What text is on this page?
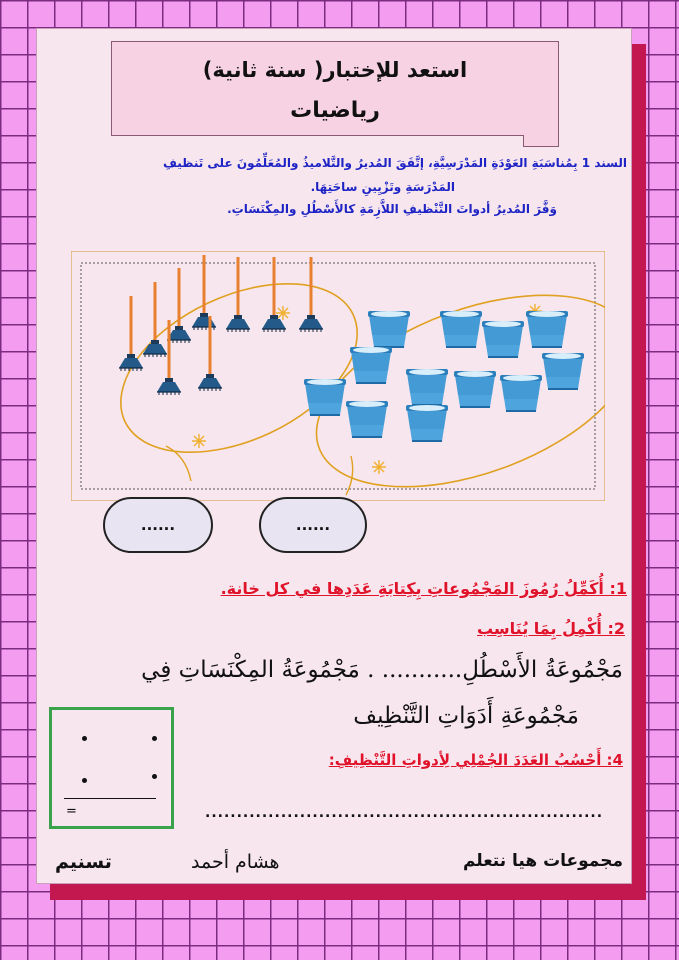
استعد للإختبار( سنة ثانية)
رياضيات
السند 1 بِمُناسَبَةِ العَوْدَةِ المَدْرَسِيَّةِ، إتَّفَقَ المُديرُ والتَّلاميذُ والمُعَلِّمُونَ على تَنظيفِ
المَدْرَسَةِ وتَزْيِينِ ساحَتِهَا.
وَفَّرَ المُديرُ أدواتَ التَّنْظيفِ اللاَّزِمَةِ كالأَسْطُلِ والمِكْنَسَاتِ.
......	......
1: أُكَمِّلُ رُمُوزَ المَجْمُوعاتِ بِكِتابَةِ عَدَدِها في كل خانة.
2: أُكْمِلُ بِمَا يُنَاسِب
مَجْمُوعَةُ الأَسْطُلِ........... . مَجْمُوعَةُ المِكْنَسَاتِ فِي
مَجْمُوعَةِ أَدَوَاتِ التَّنْظِيف
=
4: أَحْسُبُ العَدَدَ الجُمْلِي لِأدواتِ التَّنْظِيفِ:
...............................................................
تسنيم	هشام أحمد	مجموعات هيا نتعلم
